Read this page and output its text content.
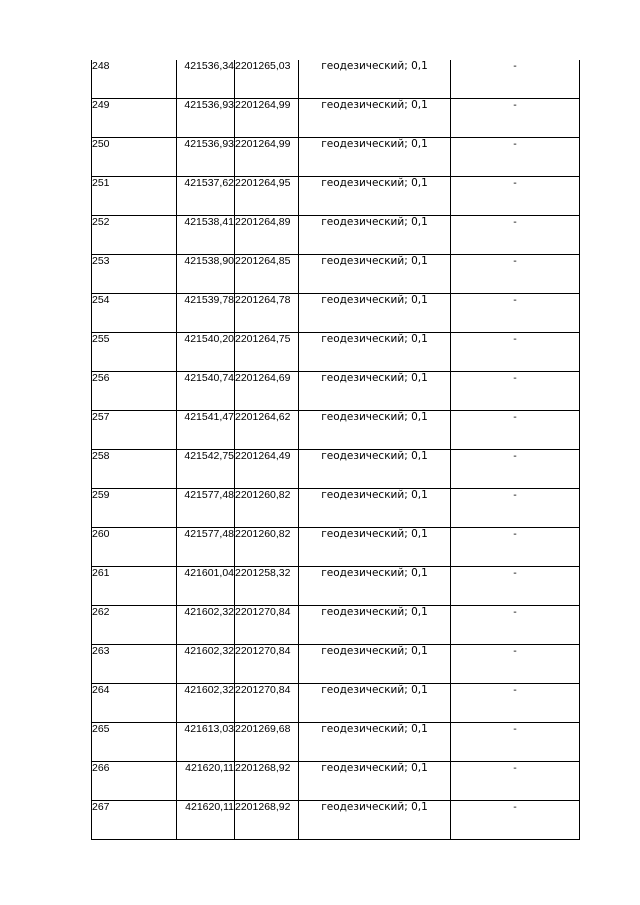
248	421536,34	2201265,03	геодезический; 0,1	-
249	421536,93	2201264,99	геодезический; 0,1	-
250	421536,93	2201264,99	геодезический; 0,1	-
251	421537,62	2201264,95	геодезический; 0,1	-
252	421538,41	2201264,89	геодезический; 0,1	-
253	421538,90	2201264,85	геодезический; 0,1	-
254	421539,78	2201264,78	геодезический; 0,1	-
255	421540,20	2201264,75	геодезический; 0,1	-
256	421540,74	2201264,69	геодезический; 0,1	-
257	421541,47	2201264,62	геодезический; 0,1	-
258	421542,75	2201264,49	геодезический; 0,1	-
259	421577,48	2201260,82	геодезический; 0,1	-
260	421577,48	2201260,82	геодезический; 0,1	-
261	421601,04	2201258,32	геодезический; 0,1	-
262	421602,32	2201270,84	геодезический; 0,1	-
263	421602,32	2201270,84	геодезический; 0,1	-
264	421602,32	2201270,84	геодезический; 0,1	-
265	421613,03	2201269,68	геодезический; 0,1	-
266	421620,11	2201268,92	геодезический; 0,1	-
267	421620,11	2201268,92	геодезический; 0,1	-
